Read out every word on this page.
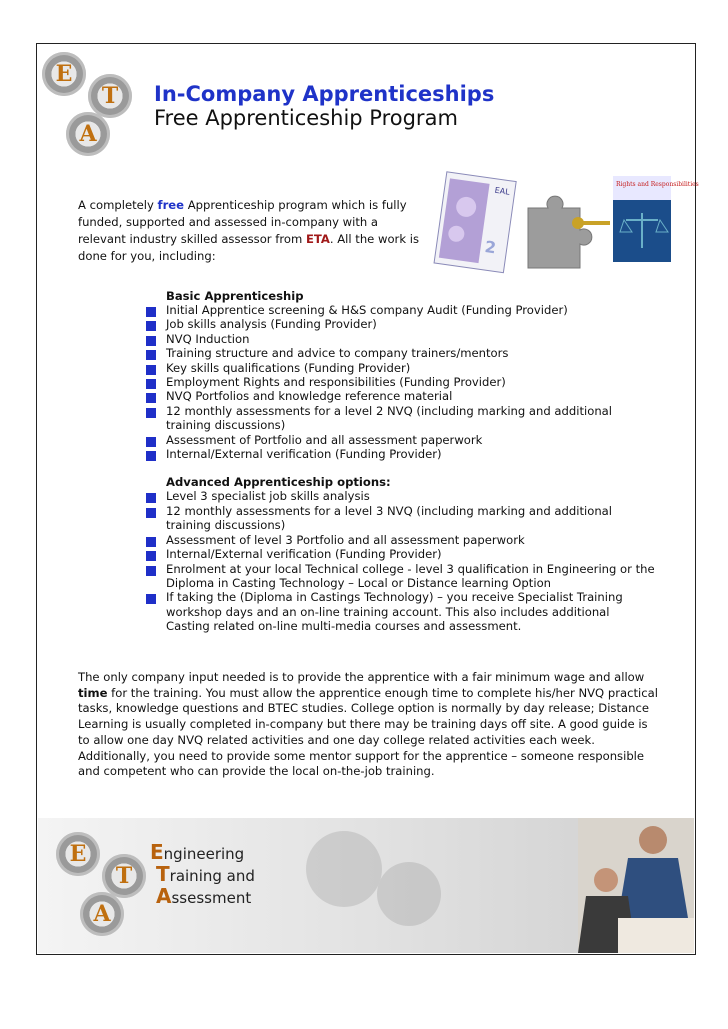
E
T
A
In-Company Apprenticeships
Free Apprenticeship Program
A completely free Apprenticeship program which is fully funded, supported and assessed in-company with a relevant industry skilled assessor from ETA. All the work is done for you, including:
EAL
2
Rights and Responsibilities
Basic Apprenticeship
Initial Apprentice screening & H&S company Audit (Funding Provider)
Job skills analysis (Funding Provider)
NVQ Induction
Training structure and advice to company trainers/mentors
Key skills qualifications (Funding Provider)
Employment Rights and responsibilities (Funding Provider)
NVQ Portfolios and knowledge reference material
12 monthly assessments for a level 2 NVQ (including marking and additional training discussions)
Assessment of Portfolio and all assessment paperwork
Internal/External verification (Funding Provider)
Advanced Apprenticeship options:
Level 3 specialist job skills analysis
12 monthly assessments for a level 3 NVQ (including marking and additional training discussions)
Assessment of level 3 Portfolio and all assessment paperwork
Internal/External verification (Funding Provider)
Enrolment at your local Technical college - level 3 qualification in Engineering or the Diploma in Casting Technology – Local or Distance learning Option
If taking the (Diploma in Castings Technology) – you receive Specialist Training workshop days and an on-line training account. This also includes additional Casting related on-line multi-media courses and assessment.
The only company input needed is to provide the apprentice with a fair minimum wage and allow time for the training. You must allow the apprentice enough time to complete his/her NVQ practical tasks, knowledge questions and BTEC studies. College option is normally by day release; Distance Learning is usually completed in-company but there may be training days off site. A good guide is to allow one day NVQ related activities and one day college related activities each week.
Additionally, you need to provide some mentor support for the apprentice – someone responsible and competent who can provide the local on-the-job training.
E
T
A
Engineering
Training and
Assessment
